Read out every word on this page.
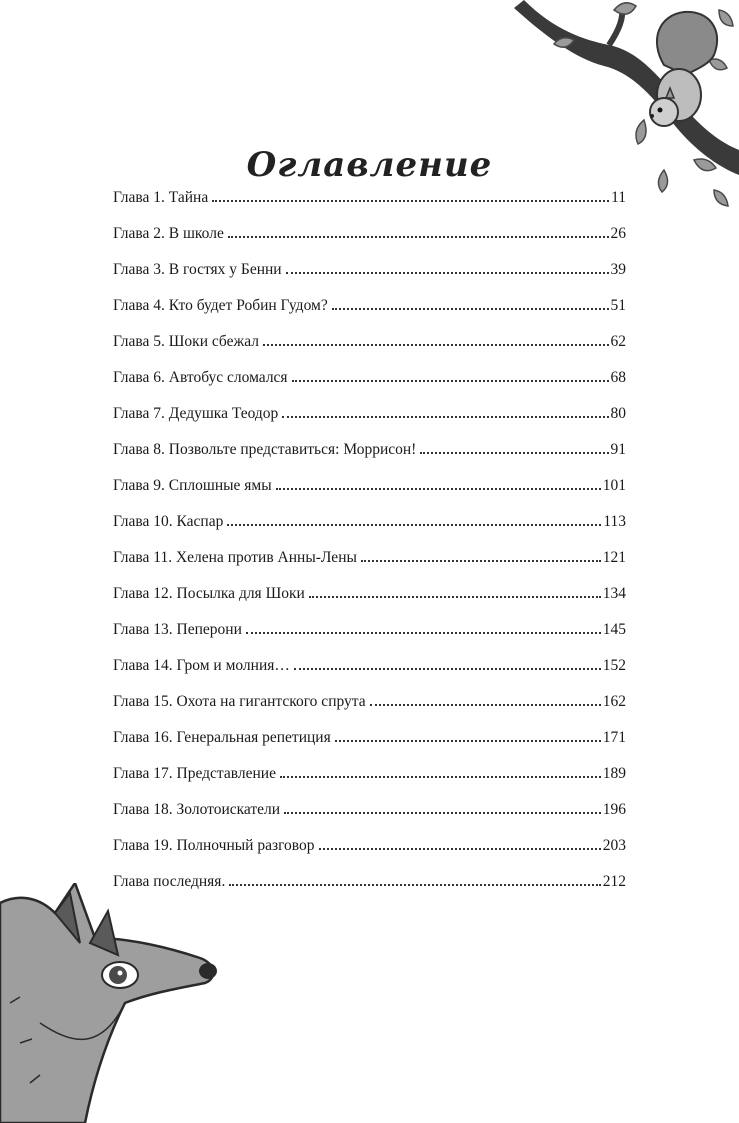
Оглавление
Глава 1. Тайна	11
Глава 2. В школе	26
Глава 3. В гостях у Бенни	39
Глава 4. Кто будет Робин Гудом?	51
Глава 5. Шоки сбежал	62
Глава 6. Автобус сломался	68
Глава 7. Дедушка Теодор	80
Глава 8. Позвольте представиться: Моррисон!	91
Глава 9. Сплошные ямы	101
Глава 10. Каспар	113
Глава 11. Хелена против Анны-Лены	121
Глава 12. Посылка для Шоки	134
Глава 13. Пеперони	145
Глава 14. Гром и молния…	152
Глава 15. Охота на гигантского спрута	162
Глава 16. Генеральная репетиция	171
Глава 17. Представление	189
Глава 18. Золотоискатели	196
Глава 19. Полночный разговор	203
Глава последняя.	212
